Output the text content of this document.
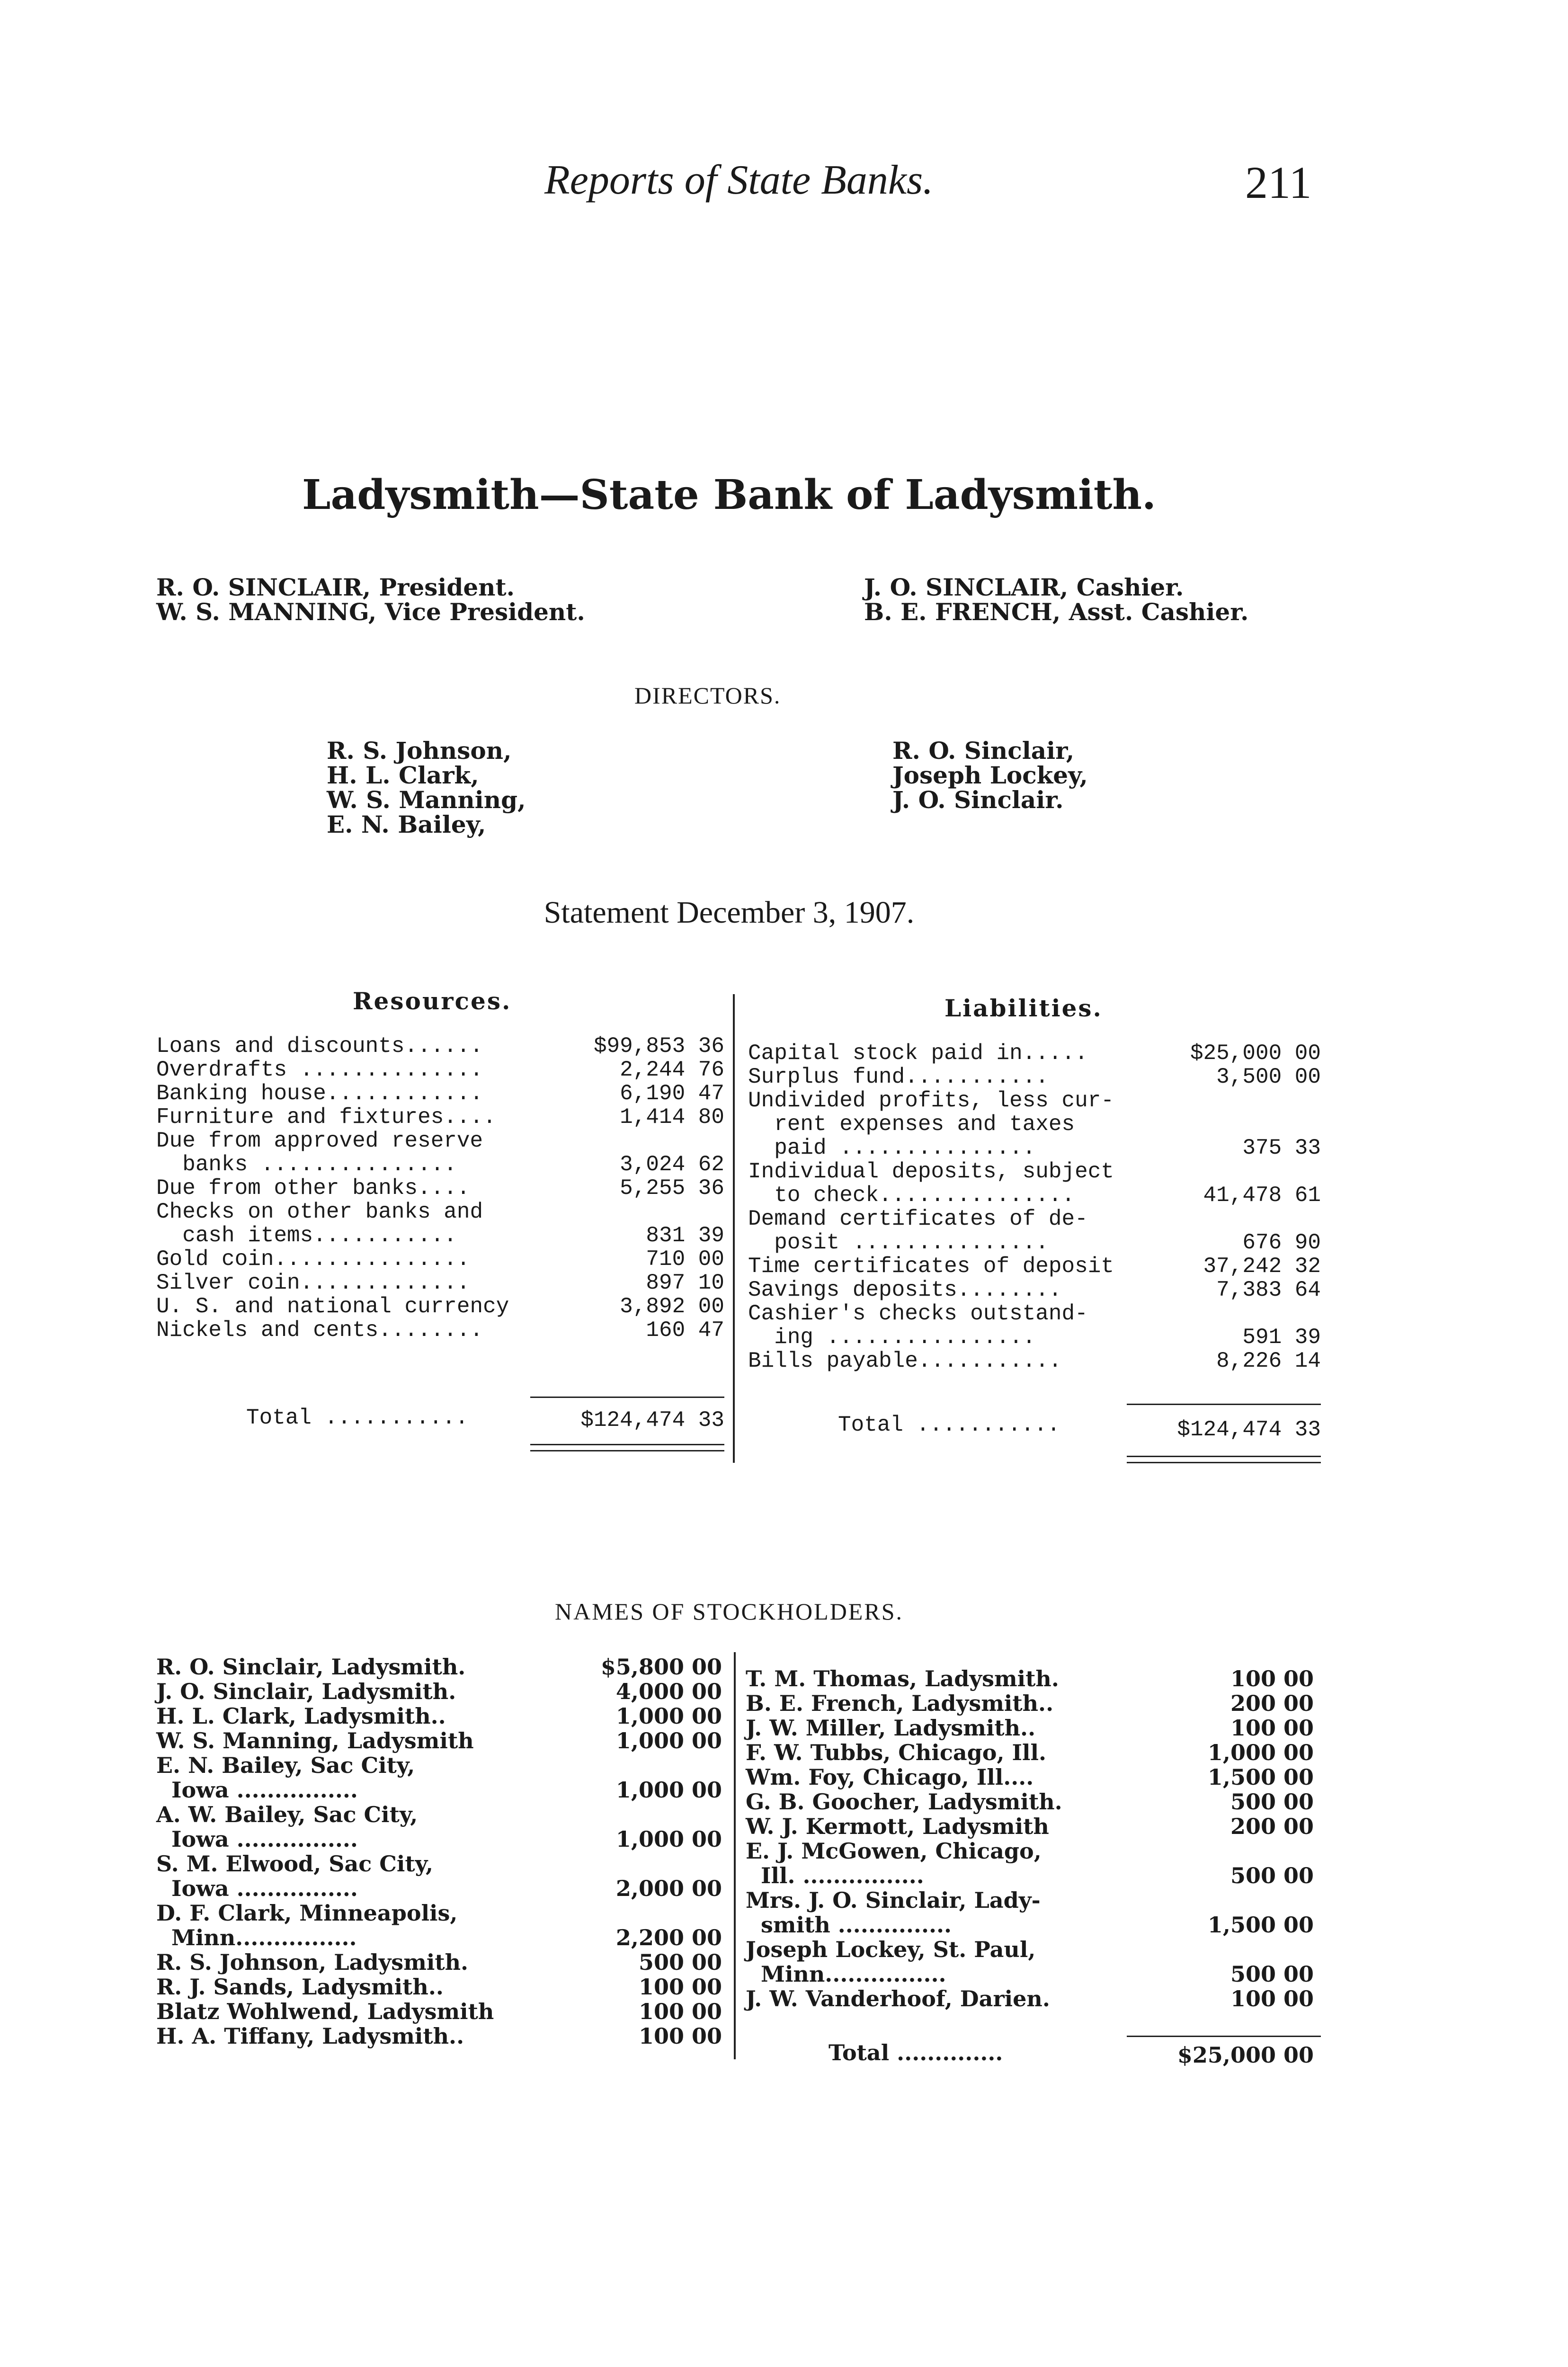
Reports of State Banks.	211
Ladysmith—State Bank of Ladysmith.
R. O. SINCLAIR, President.
W. S. MANNING, Vice President.
J. O. SINCLAIR, Cashier.
B. E. FRENCH, Asst. Cashier.
DIRECTORS.
R. S. Johnson,
H. L. Clark,
W. S. Manning,
E. N. Bailey,
R. O. Sinclair,
Joseph Lockey,
J. O. Sinclair.
Statement December 3, 1907.
Resources.	Liabilities.
Loans and discounts......	$99,853 36
Overdrafts ..............	2,244 76
Banking house............	6,190 47
Furniture and fixtures....	1,414 80
Due from approved reserve
banks ...............	3,024 62
Due from other banks....	5,255 36
Checks on other banks and
cash items...........	831 39
Gold coin...............	710 00
Silver coin.............	897 10
U. S. and national currency	3,892 00
Nickels and cents........	160 47
Capital stock paid in.....	$25,000 00
Surplus fund...........	3,500 00
Undivided profits, less cur-
rent expenses and taxes
paid ...............	375 33
Individual deposits, subject
to check...............	41,478 61
Demand certificates of de-
posit ...............	676 90
Time certificates of deposit	37,242 32
Savings deposits........	7,383 64
Cashier's checks outstand-
ing ................	591 39
Bills payable...........	8,226 14
Total ...........	$124,474 33	Total ...........	$124,474 33
NAMES OF STOCKHOLDERS.
R. O. Sinclair, Ladysmith.	$5,800 00
J. O. Sinclair, Ladysmith.	4,000 00
H. L. Clark, Ladysmith..	1,000 00
W. S. Manning, Ladysmith	1,000 00
E. N. Bailey, Sac City,
Iowa ................	1,000 00
A. W. Bailey, Sac City,
Iowa ................	1,000 00
S. M. Elwood, Sac City,
Iowa ................	2,000 00
D. F. Clark, Minneapolis,
Minn................	2,200 00
R. S. Johnson, Ladysmith.	500 00
R. J. Sands, Ladysmith..	100 00
Blatz Wohlwend, Ladysmith	100 00
H. A. Tiffany, Ladysmith..	100 00
T. M. Thomas, Ladysmith.	100 00
B. E. French, Ladysmith..	200 00
J. W. Miller, Ladysmith..	100 00
F. W. Tubbs, Chicago, Ill.	1,000 00
Wm. Foy, Chicago, Ill....	1,500 00
G. B. Goocher, Ladysmith.	500 00
W. J. Kermott, Ladysmith	200 00
E. J. McGowen, Chicago,
Ill. ................	500 00
Mrs. J. O. Sinclair, Lady-
smith ...............	1,500 00
Joseph Lockey, St. Paul,
Minn................	500 00
J. W. Vanderhoof, Darien.	100 00
Total ..............	$25,000 00
